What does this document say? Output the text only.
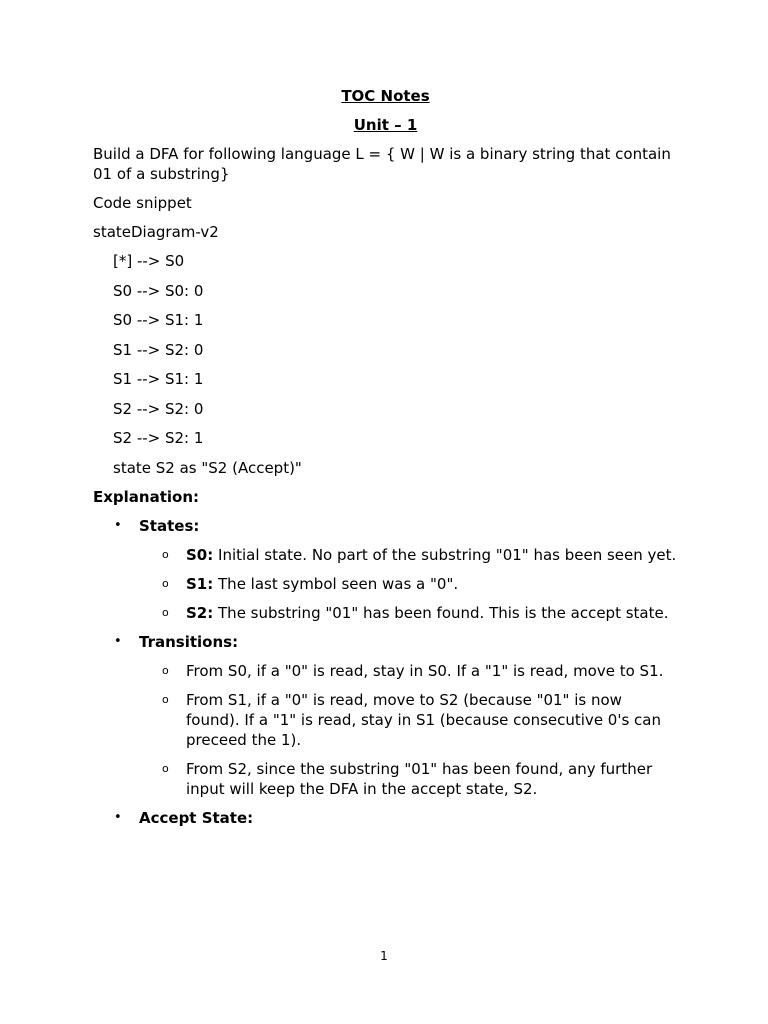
TOC Notes
Unit – 1

Build a DFA for following language L = { W | W is a binary string that contain 01 of a substring}

Code snippet

stateDiagram-v2

[*] --> S0
S0 --> S0: 0
S0 --> S1: 1
S1 --> S2: 0
S1 --> S1: 1
S2 --> S2: 0
S2 --> S2: 1
state S2 as "S2 (Accept)"

Explanation:

• States:
o S0: Initial state. No part of the substring "01" has been seen yet.
o S1: The last symbol seen was a "0".
o S2: The substring "01" has been found. This is the accept state.
• Transitions:
o From S0, if a "0" is read, stay in S0. If a "1" is read, move to S1.
o From S1, if a "0" is read, move to S2 (because "01" is now found). If a "1" is read, stay in S1 (because consecutive 0's can preceed the 1).
o From S2, since the substring "01" has been found, any further input will keep the DFA in the accept state, S2.
• Accept State:
1
